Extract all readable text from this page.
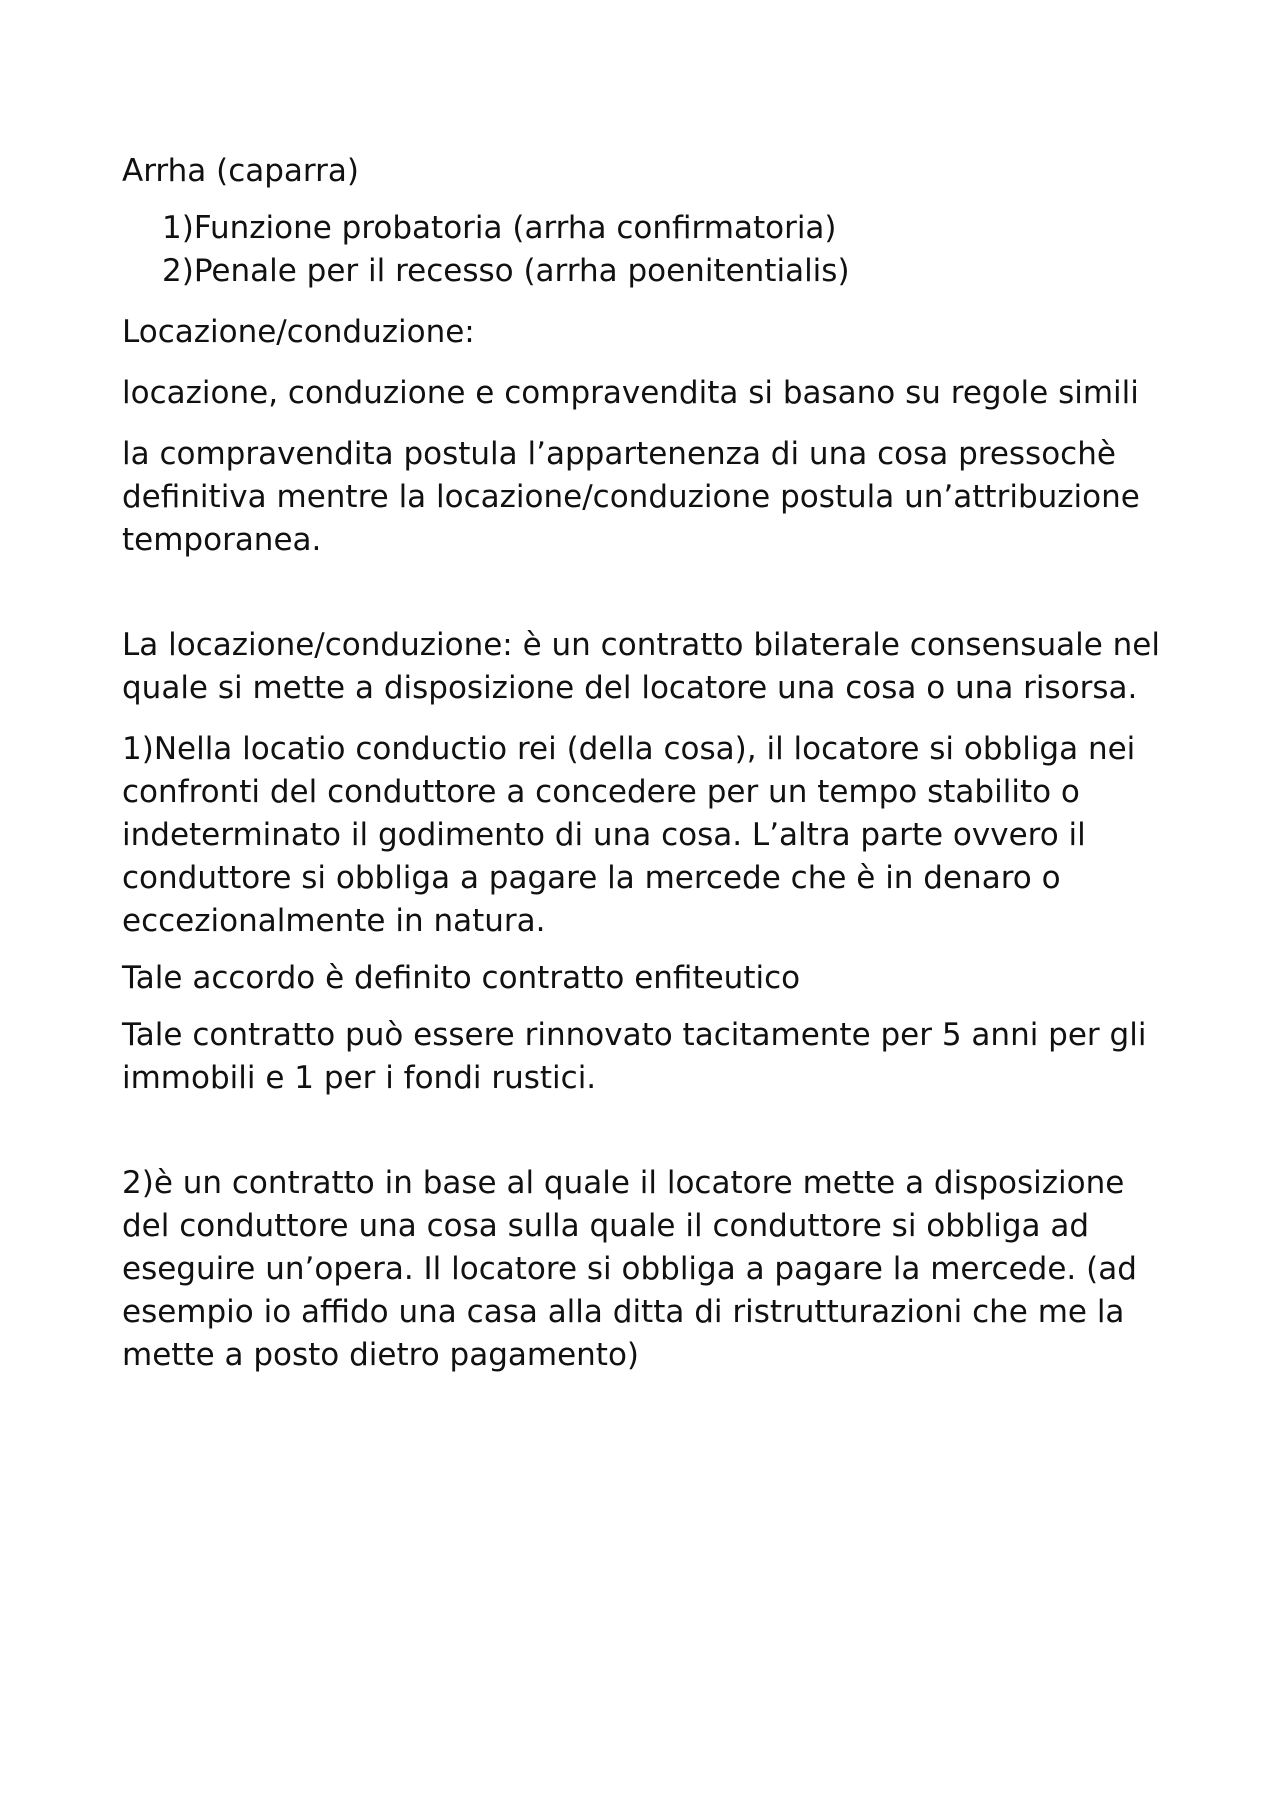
Arrha (caparra)

1)Funzione probatoria (arrha confirmatoria)
2)Penale per il recesso (arrha poenitentialis)

Locazione/conduzione:

locazione, conduzione e compravendita si basano su regole simili

la compravendita postula l’appartenenza di una cosa pressochè definitiva mentre la locazione/conduzione postula un’attribuzione temporanea.

La locazione/conduzione: è un contratto bilaterale consensuale nel quale si mette a disposizione del locatore una cosa o una risorsa.

1)Nella locatio conductio rei (della cosa), il locatore si obbliga nei confronti del conduttore a concedere per un tempo stabilito o indeterminato il godimento di una cosa. L’altra parte ovvero il conduttore si obbliga a pagare la mercede che è in denaro o eccezionalmente in natura.

Tale accordo è definito contratto enfiteutico

Tale contratto può essere rinnovato tacitamente per 5 anni per gli immobili e 1 per i fondi rustici.

2)è un contratto in base al quale il locatore mette a disposizione del conduttore una cosa sulla quale il conduttore si obbliga ad eseguire un’opera. Il locatore si obbliga a pagare la mercede. (ad esempio io affido una casa alla ditta di ristrutturazioni che me la mette a posto dietro pagamento)
